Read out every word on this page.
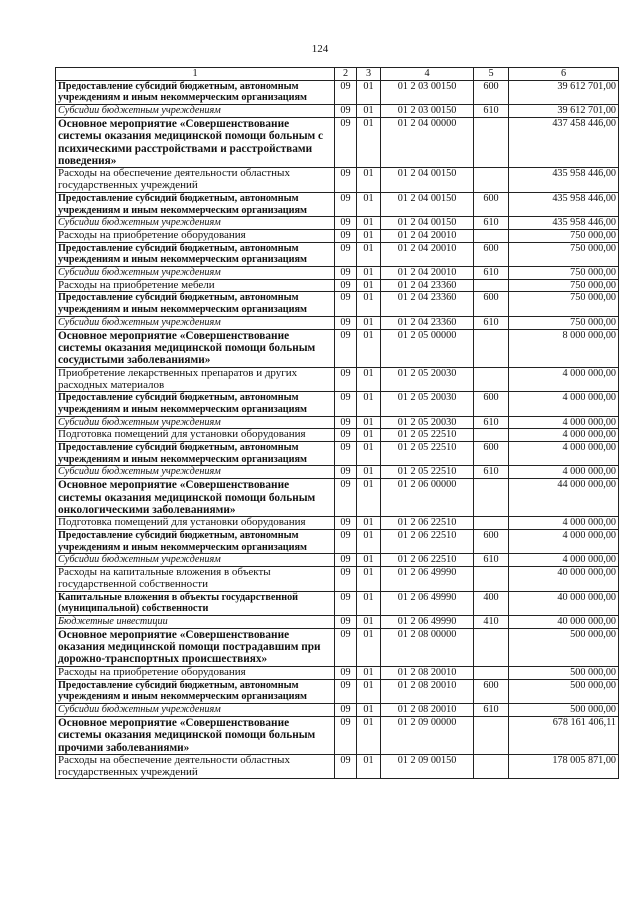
124
1	2	3	4	5	6
Предоставление субсидий бюджетным, автономным учреждениям и иным некоммерческим организациям	09	01	01 2 03 00150	600	39 612 701,00
Субсидии бюджетным учреждениям	09	01	01 2 03 00150	610	39 612 701,00
Основное мероприятие «Совершенствование системы оказания медицинской помощи больным с психическими расстройствами и расстройствами поведения»	09	01	01 2 04 00000		437 458 446,00
Расходы на обеспечение деятельности областных государственных учреждений	09	01	01 2 04 00150		435 958 446,00
Предоставление субсидий бюджетным, автономным учреждениям и иным некоммерческим организациям	09	01	01 2 04 00150	600	435 958 446,00
Субсидии бюджетным учреждениям	09	01	01 2 04 00150	610	435 958 446,00
Расходы на приобретение оборудования	09	01	01 2 04 20010		750 000,00
Предоставление субсидий бюджетным, автономным учреждениям и иным некоммерческим организациям	09	01	01 2 04 20010	600	750 000,00
Субсидии бюджетным учреждениям	09	01	01 2 04 20010	610	750 000,00
Расходы на приобретение мебели	09	01	01 2 04 23360		750 000,00
Предоставление субсидий бюджетным, автономным учреждениям и иным некоммерческим организациям	09	01	01 2 04 23360	600	750 000,00
Субсидии бюджетным учреждениям	09	01	01 2 04 23360	610	750 000,00
Основное мероприятие «Совершенствование системы оказания медицинской помощи больным сосудистыми заболеваниями»	09	01	01 2 05 00000		8 000 000,00
Приобретение лекарственных препаратов и других расходных материалов	09	01	01 2 05 20030		4 000 000,00
Предоставление субсидий бюджетным, автономным учреждениям и иным некоммерческим организациям	09	01	01 2 05 20030	600	4 000 000,00
Субсидии бюджетным учреждениям	09	01	01 2 05 20030	610	4 000 000,00
Подготовка помещений для установки оборудования	09	01	01 2 05 22510		4 000 000,00
Предоставление субсидий бюджетным, автономным учреждениям и иным некоммерческим организациям	09	01	01 2 05 22510	600	4 000 000,00
Субсидии бюджетным учреждениям	09	01	01 2 05 22510	610	4 000 000,00
Основное мероприятие «Совершенствование системы оказания медицинской помощи больным онкологическими заболеваниями»	09	01	01 2 06 00000		44 000 000,00
Подготовка помещений для установки оборудования	09	01	01 2 06 22510		4 000 000,00
Предоставление субсидий бюджетным, автономным учреждениям и иным некоммерческим организациям	09	01	01 2 06 22510	600	4 000 000,00
Субсидии бюджетным учреждениям	09	01	01 2 06 22510	610	4 000 000,00
Расходы на капитальные вложения в объекты государственной собственности	09	01	01 2 06 49990		40 000 000,00
Капитальные вложения в объекты государственной (муниципальной) собственности	09	01	01 2 06 49990	400	40 000 000,00
Бюджетные инвестиции	09	01	01 2 06 49990	410	40 000 000,00
Основное мероприятие «Совершенствование оказания медицинской помощи пострадавшим при дорожно-транспортных происшествиях»	09	01	01 2 08 00000		500 000,00
Расходы на приобретение оборудования	09	01	01 2 08 20010		500 000,00
Предоставление субсидий бюджетным, автономным учреждениям и иным некоммерческим организациям	09	01	01 2 08 20010	600	500 000,00
Субсидии бюджетным учреждениям	09	01	01 2 08 20010	610	500 000,00
Основное мероприятие «Совершенствование системы оказания медицинской помощи больным прочими заболеваниями»	09	01	01 2 09 00000		678 161 406,11
Расходы на обеспечение деятельности областных государственных учреждений	09	01	01 2 09 00150		178 005 871,00
